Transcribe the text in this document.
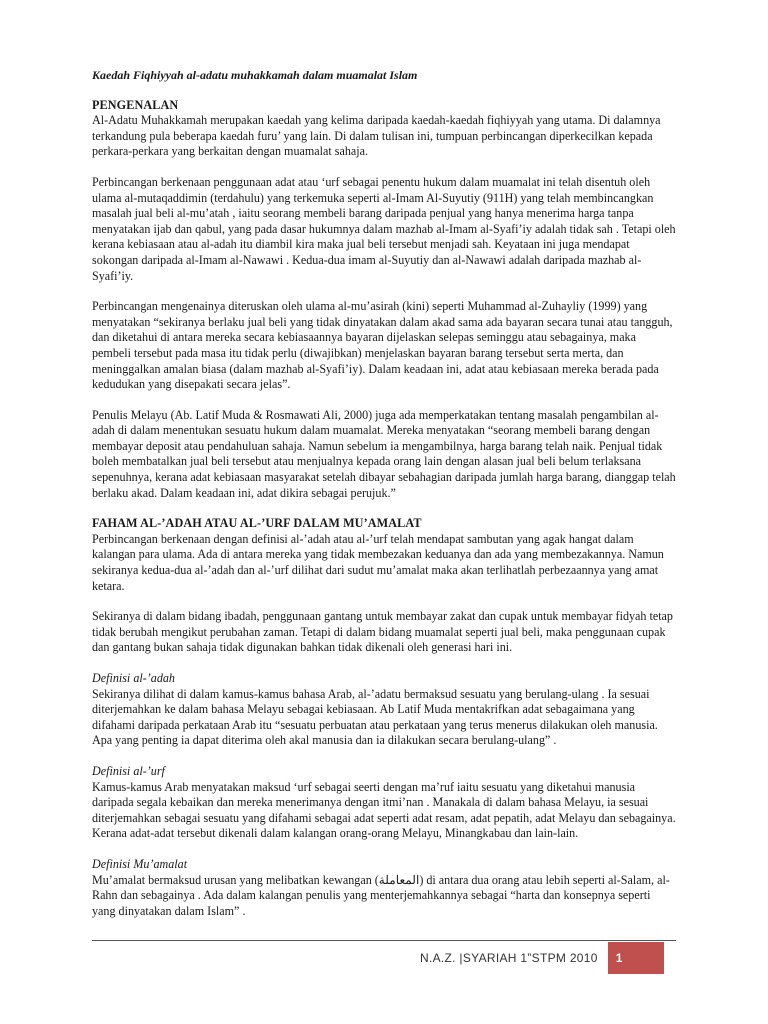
Kaedah Fiqhiyyah al-adatu muhakkamah dalam muamalat Islam
PENGENALAN

Al-Adatu Muhakkamah merupakan kaedah yang kelima daripada kaedah-kaedah fiqhiyyah yang utama. Di dalamnya terkandung pula beberapa kaedah furu’ yang lain. Di dalam tulisan ini, tumpuan perbincangan diperkecilkan kepada perkara-perkara yang berkaitan dengan muamalat sahaja.

Perbincangan berkenaan penggunaan adat atau ‘urf sebagai penentu hukum dalam muamalat ini telah disentuh oleh ulama al-mutaqaddimin (terdahulu) yang terkemuka seperti al-Imam Al-Suyutiy (911H) yang telah membincangkan masalah jual beli al-mu’atah , iaitu seorang membeli barang daripada penjual yang hanya menerima harga tanpa menyatakan ijab dan qabul, yang pada dasar hukumnya dalam mazhab al-Imam al-Syafi’iy adalah tidak sah . Tetapi oleh kerana kebiasaan atau al-adah itu diambil kira maka jual beli tersebut menjadi sah. Keyataan ini juga mendapat sokongan daripada al-Imam al-Nawawi . Kedua-dua imam al-Suyutiy dan al-Nawawi adalah daripada mazhab al-Syafi’iy.

Perbincangan mengenainya diteruskan oleh ulama al-mu’asirah (kini) seperti Muhammad al-Zuhayliy (1999) yang menyatakan “sekiranya berlaku jual beli yang tidak dinyatakan dalam akad sama ada bayaran secara tunai atau tangguh, dan diketahui di antara mereka secara kebiasaannya bayaran dijelaskan selepas seminggu atau sebagainya, maka pembeli tersebut pada masa itu tidak perlu (diwajibkan) menjelaskan bayaran barang tersebut serta merta, dan meninggalkan amalan biasa (dalam mazhab al-Syafi’iy). Dalam keadaan ini, adat atau kebiasaan mereka berada pada kedudukan yang disepakati secara jelas”.

Penulis Melayu (Ab. Latif Muda & Rosmawati Ali, 2000) juga ada memperkatakan tentang masalah pengambilan al-adah di dalam menentukan sesuatu hukum dalam muamalat. Mereka menyatakan “seorang membeli barang dengan membayar deposit atau pendahuluan sahaja. Namun sebelum ia mengambilnya, harga barang telah naik. Penjual tidak boleh membatalkan jual beli tersebut atau menjualnya kepada orang lain dengan alasan jual beli belum terlaksana sepenuhnya, kerana adat kebiasaan masyarakat setelah dibayar sebahagian daripada jumlah harga barang, dianggap telah berlaku akad. Dalam keadaan ini, adat dikira sebagai perujuk.”

FAHAM AL-’ADAH ATAU AL-’URF DALAM MU’AMALAT

Perbincangan berkenaan dengan definisi al-’adah atau al-’urf telah mendapat sambutan yang agak hangat dalam kalangan para ulama. Ada di antara mereka yang tidak membezakan keduanya dan ada yang membezakannya. Namun sekiranya kedua-dua al-’adah dan al-’urf dilihat dari sudut mu’amalat maka akan terlihatlah perbezaannya yang amat ketara.

Sekiranya di dalam bidang ibadah, penggunaan gantang untuk membayar zakat dan cupak untuk membayar fidyah tetap tidak berubah mengikut perubahan zaman. Tetapi di dalam bidang muamalat seperti jual beli, maka penggunaan cupak dan gantang bukan sahaja tidak digunakan bahkan tidak dikenali oleh generasi hari ini.

Definisi al-’adah

Sekiranya dilihat di dalam kamus-kamus bahasa Arab, al-’adatu bermaksud sesuatu yang berulang-ulang . Ia sesuai diterjemahkan ke dalam bahasa Melayu sebagai kebiasaan. Ab Latif Muda mentakrifkan adat sebagaimana yang difahami daripada perkataan Arab itu “sesuatu perbuatan atau perkataan yang terus menerus dilakukan oleh manusia. Apa yang penting ia dapat diterima oleh akal manusia dan ia dilakukan secara berulang-ulang” .

Definisi al-’urf

Kamus-kamus Arab menyatakan maksud ‘urf sebagai seerti dengan ma’ruf iaitu sesuatu yang diketahui manusia daripada segala kebaikan dan mereka menerimanya dengan itmi’nan . Manakala di dalam bahasa Melayu, ia sesuai diterjemahkan sebagai sesuatu yang difahami sebagai adat seperti adat resam, adat pepatih, adat Melayu dan sebagainya. Kerana adat-adat tersebut dikenali dalam kalangan orang-orang Melayu, Minangkabau dan lain-lain.

Definisi Mu’amalat

Mu’amalat bermaksud urusan yang melibatkan kewangan (المعاملة) di antara dua orang atau lebih seperti al-Salam, al-Rahn dan sebagainya . Ada dalam kalangan penulis yang menterjemahkannya sebagai “harta dan konsepnya seperti yang dinyatakan dalam Islam” .

N.A.Z. |SYARIAH 1”STPM 2010	1
